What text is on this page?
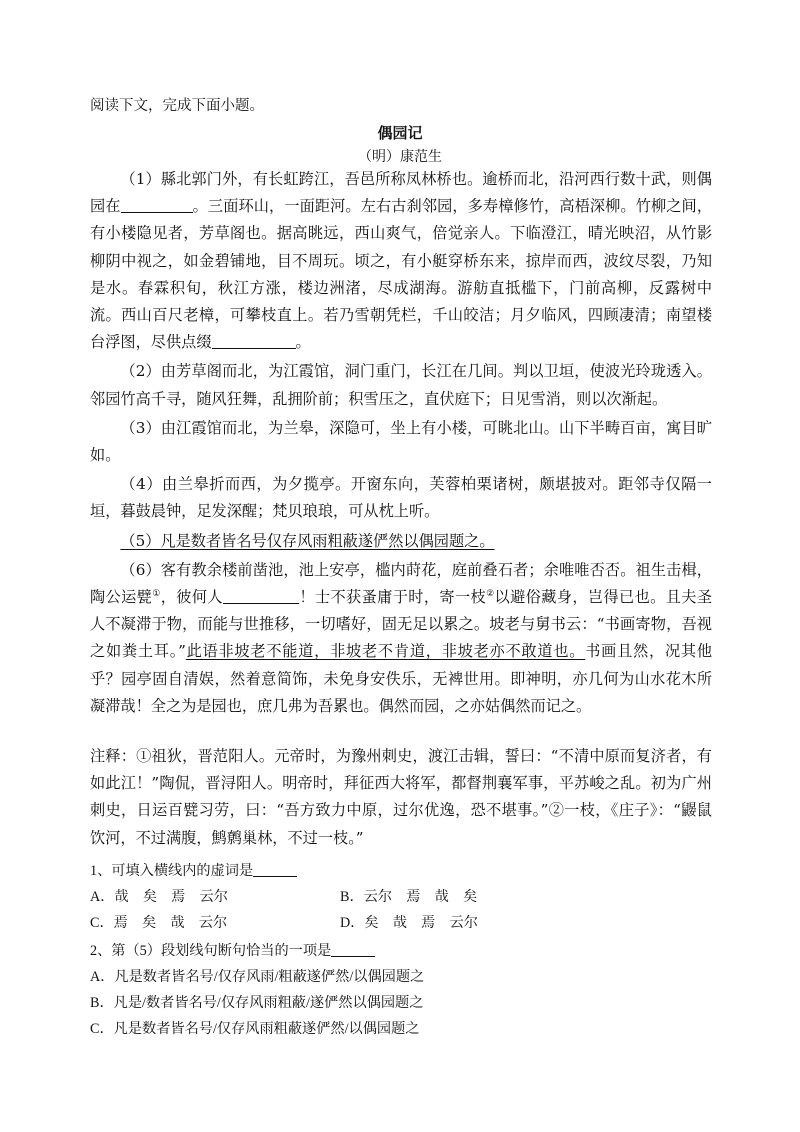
阅读下文，完成下面小题。
偶园记
（明）康范生

（1）縣北郭门外，有长虹跨江，吾邑所称凤林桥也。逾桥而北，沿河西行数十武，则偶园在	。三面环山，一面距河。左右古刹邻园，多寿樟修竹，高梧深柳。竹柳之间，有小楼隐见者，芳草阁也。据高眺远，西山爽气，倍觉亲人。下临澄江，晴光映沼，从竹影柳阴中视之，如金碧铺地，目不周玩。顷之，有小艇穿桥东来，掠岸而西，波纹尽裂，乃知是水。春霖积旬，秋江方涨，楼边洲渚，尽成湖海。游舫直抵槛下，门前高柳，反露树中流。西山百尺老樟，可攀枝直上。若乃雪朝凭栏，千山皎洁；月夕临风，四顾凄清；南望楼台浮图，尽供点缀	。

（2）由芳草阁而北，为江霞馆，洞门重门，长江在几间。判以卫垣，使波光玲珑透入。邻园竹高千寻，随风狂舞，乱拥阶前；积雪压之，直伏庭下；日见雪消，则以次渐起。

（3）由江霞馆而北，为兰皋，深隐可，坐上有小楼，可眺北山。山下半畴百亩，寓目旷如。

（4）由兰皋折而西，为夕揽亭。开窗东向，芙蓉柏栗诸树，颇堪披对。距邻寺仅隔一垣，暮鼓晨钟，足发深醒；梵贝琅琅，可从枕上听。

（5）凡是数者皆名号仅存风雨粗蔽遂俨然以偶园题之。

（6）客有教余楼前凿池，池上安亭，槛内莳花，庭前叠石者；余唯唯否否。祖生击楫，陶公运甓①，彼何人	！士不获蚤庸于时，寄一枝②以避俗藏身，岂得已也。且夫圣人不凝滞于物，而能与世推移，一切嗜好，固无足以累之。坡老与舅书云：“书画寄物，吾视之如粪土耳。”此语非坡老不能道，非坡老不肯道，非坡老亦不敢道也。书画且然，况其他乎？园亭固自清娱，然着意简饰，未免身安佚乐，无裨世用。即神明，亦几何为山水花木所凝滞哉！全之为是园也，庶几弗为吾累也。偶然而园，之亦姑偶然而记之。

注释：①祖狄，晋范阳人。元帝时，为豫州刺史，渡江击辑，誓曰：“不清中原而复济者，有如此江！”陶侃，晋浔阳人。明帝时，拜征西大将军，都督荆襄军事，平苏峻之乱。初为广州刺史，日运百甓习劳，曰：“吾方致力中原，过尔优逸，恐不堪事。”②一枝，《庄子》：“鼹鼠饮河，不过满腹，鹪鹩巢林，不过一枝。”
1、可填入横线内的虚词是
A．哉　矣　焉　云尔	B．云尔　焉　哉　矣
C．焉　矣　哉　云尔	D．矣　哉　焉　云尔
2、第（5）段划线句断句恰当的一项是
A．凡是数者皆名号/仅存风雨/粗蔽遂俨然/以偶园题之
B．凡是/数者皆名号/仅存风雨粗蔽/遂俨然以偶园题之
C．凡是数者皆名号/仅存风雨粗蔽遂俨然/以偶园题之
